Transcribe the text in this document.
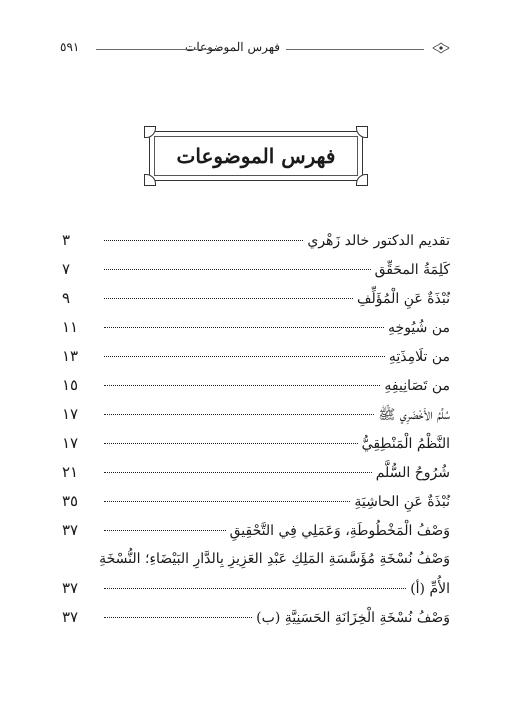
فهرس الموضوعات
٥٩١
فهرس الموضوعات
تقديم الدكتور خالد زَهْري
٣
كَلِمَةُ المحَقِّق
٧
نُبْذَةٌ عَنِ الْمُؤَلِّفِ
٩
من شُيُوخِهِ
١١
من تلَامِذَتِهِ
١٣
من تَصَانِيفِهِ
١٥
سُلَّمُ الأَخْضَرِي ﷺ
١٧
النَّظْمُ الْمَنْطِقِيُّ
١٧
شُرُوحُ السُّلَّم
٢١
نُبْذَةٌ عَنِ الحاشِيَةِ
٣٥
وَصْفُ الْمَخْطُوطَةِ، وَعَمَلِي فِي التَّحْقِيقِ
٣٧
وَصْفُ نُسْخَةِ مُؤَسَّسَةِ المَلِكِ عَبْدِ العَزِيزِ بِالدَّارِ البَيْضَاءِ؛ النُّسْخَةِ
الأُمِّ (أ)
٣٧
وَصْفُ نُسْخَةِ الْخِزَانَةِ الحَسَنِيَّةِ (ب)
٣٧
